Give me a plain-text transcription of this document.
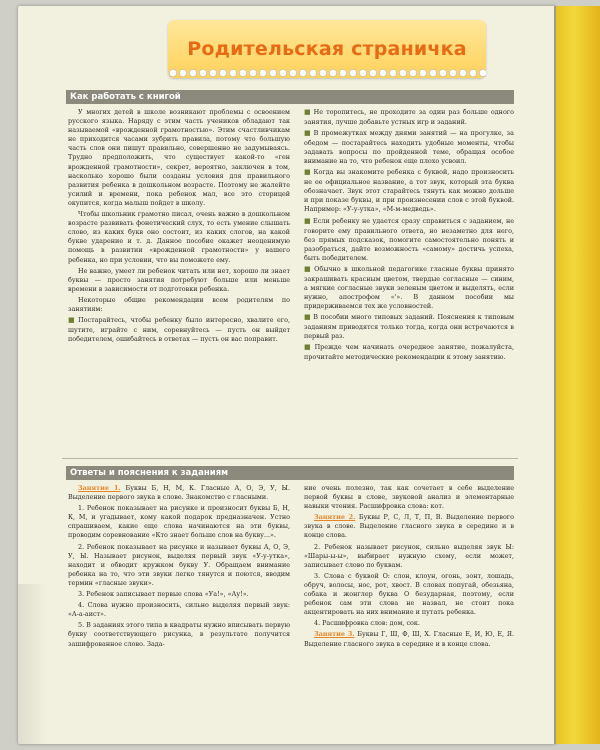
Родительская страничка
Как работать с книгой

У многих детей в школе возникают проблемы с освоением русского языка. Наряду с этим часть учеников обладают так называемой «врожденной грамотностью». Этим счастливчикам не приходится часами зубрить правила, потому что большую часть слов они пишут правильно, совершенно не задумываясь. Трудно предположить, что существует какой-то «ген врожденной грамотности», секрет, вероятно, заключен в том, насколько хорошо были созданы условия для правильного развития ребенка в дошкольном возрасте. Поэтому не жалейте усилий и времени, пока ребенок мал, все это сторицей окупится, когда малыш пойдет в школу.

Чтобы школьник грамотно писал, очень важно в дошкольном возрасте развивать фонетический слух, то есть умение слышать слово, из каких букв оно состоит, из каких слогов, на какой букве ударение и т. д. Данное пособие окажет неоценимую помощь в развитии «врожденной грамотности» у вашего ребенка, но при условии, что вы поможете ему.

Не важно, умеет ли ребенок читать или нет, хорошо ли знает буквы — просто занятия потребуют больше или меньше времени в зависимости от подготовки ребенка.

Некоторые общие рекомендации всем родителям по занятиям:

■ Постарайтесь, чтобы ребенку было интересно, хвалите его, шутите, играйте с ним, соревнуйтесь — пусть он выйдет победителем, ошибайтесь в ответах — пусть он вас поправит.

■ Не торопитесь, не проходите за один раз больше одного занятия, лучше добавьте устных игр и заданий.

■ В промежутках между днями занятий — на прогулке, за обедом — постарайтесь находить удобные моменты, чтобы задавать вопросы по пройденной теме, обращая особое внимание на то, что ребенок еще плохо усвоил.

■ Когда вы знакомите ребенка с буквой, надо произносить не ее официальное название, а тот звук, который эта буква обозначает. Звук этот старайтесь тянуть как можно дольше и при показе буквы, и при произнесении слов с этой буквой. Например: «У-у-утка», «М-м-медведь».

■ Если ребенку не удается сразу справиться с заданием, не говорите ему правильного ответа, но незаметно для него, без прямых подсказок, помогите самостоятельно понять и разобраться, дайте возможность «самому» достичь успеха, быть победителем.

■ Обычно в школьной педагогике гласные буквы принято закрашивать красным цветом, твердые согласные — синим, а мягкие согласные звуки зеленым цветом и выделять, если нужно, апострофом «'». В данном пособии мы придерживаемся тех же условностей.

■ В пособии много типовых заданий. Пояснения к типовым заданиям приводятся только тогда, когда они встречаются в первый раз.

■ Прежде чем начинать очередное занятие, пожалуйста, прочитайте методические рекомендации к этому занятию.

Ответы и пояснения к заданиям

Занятие 1. Буквы Б, Н, М, К. Гласные А, О, Э, У, Ы. Выделение первого звука в слове. Знакомство с гласными.

1. Ребенок показывает на рисунке и произносит буквы Б, Н, К, М, и угадывает, кому какой подарок предназначен. Устно спрашиваем, какие еще слова начинаются на эти буквы, проводим соревнование «Кто знает больше слов на букву...».

2. Ребенок показывает на рисунке и называет буквы А, О, Э, У, Ы. Называет рисунок, выделяя первый звук «У-у-утка», находит и обводит кружком букву У. Обращаем внимание ребенка на то, что эти звуки легко тянутся и поются, вводим термин «гласные звуки».

3. Ребенок записывает первые слова «Уа!», «Ау!».

4. Слова нужно произносить, сильно выделяя первый звук: «А-а-аист».

5. В заданиях этого типа в квадраты нужно вписывать первую букву соответствующего рисунка, в результате получится зашифрованное слово. Зада-

ние очень полезно, так как сочетает в себе выделение первой буквы в слове, звуковой анализ и элементарные навыки чтения. Расшифровка слова: кот.

Занятие 2. Буквы Р, С, Л, Т, П, В. Выделение первого звука в слове. Выделение гласного звука в середине и в конце слова.

2. Ребенок называет рисунок, сильно выделяя звук Ы: «Шары-ы-ы», выбирает нужную схему, если может, записывает слово по буквам.

3. Слова с буквой О: слон, клоун, огонь, зонт, лошадь, обруч, волосы, нос, рот, хвост. В словах попугай, обезьяна, собака и жонглер буква О безударная, поэтому, если ребенок сам эти слова не назвал, не стоит пока акцентировать на них внимание и путать ребенка.

4. Расшифровка слов: дом, сок.

Занятие 3. Буквы Г, Ш, Ф, Ш, Х. Гласные Е, И, Ю, Е, Я. Выделение гласного звука в середине и в конце слова.
